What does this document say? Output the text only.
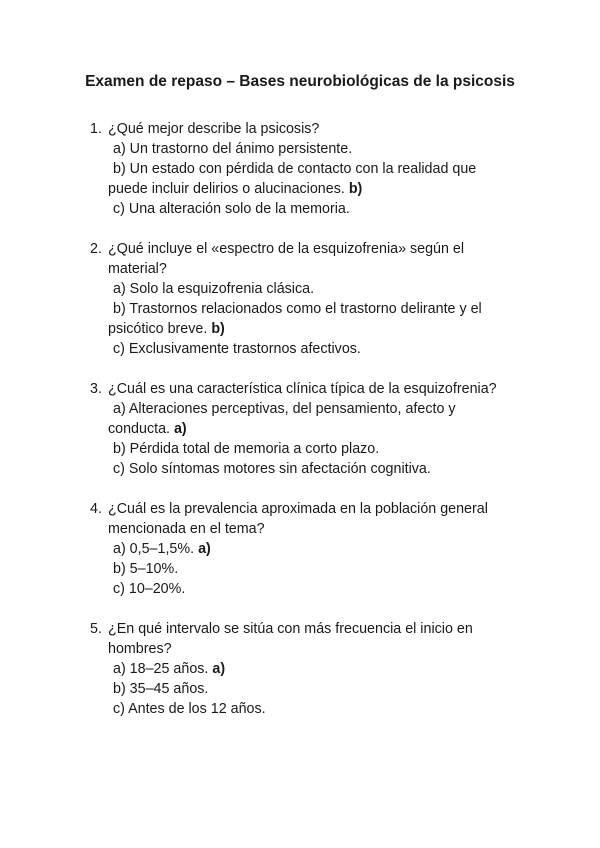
Examen de repaso – Bases neurobiológicas de la psicosis
1. ¿Qué mejor describe la psicosis?
a) Un trastorno del ánimo persistente.
b) Un estado con pérdida de contacto con la realidad que puede incluir delirios o alucinaciones. b)
c) Una alteración solo de la memoria.
2. ¿Qué incluye el «espectro de la esquizofrenia» según el material?
a) Solo la esquizofrenia clásica.
b) Trastornos relacionados como el trastorno delirante y el psicótico breve. b)
c) Exclusivamente trastornos afectivos.
3. ¿Cuál es una característica clínica típica de la esquizofrenia?
a) Alteraciones perceptivas, del pensamiento, afecto y conducta. a)
b) Pérdida total de memoria a corto plazo.
c) Solo síntomas motores sin afectación cognitiva.
4. ¿Cuál es la prevalencia aproximada en la población general mencionada en el tema?
a) 0,5–1,5%. a)
b) 5–10%.
c) 10–20%.
5. ¿En qué intervalo se sitúa con más frecuencia el inicio en hombres?
a) 18–25 años. a)
b) 35–45 años.
c) Antes de los 12 años.
